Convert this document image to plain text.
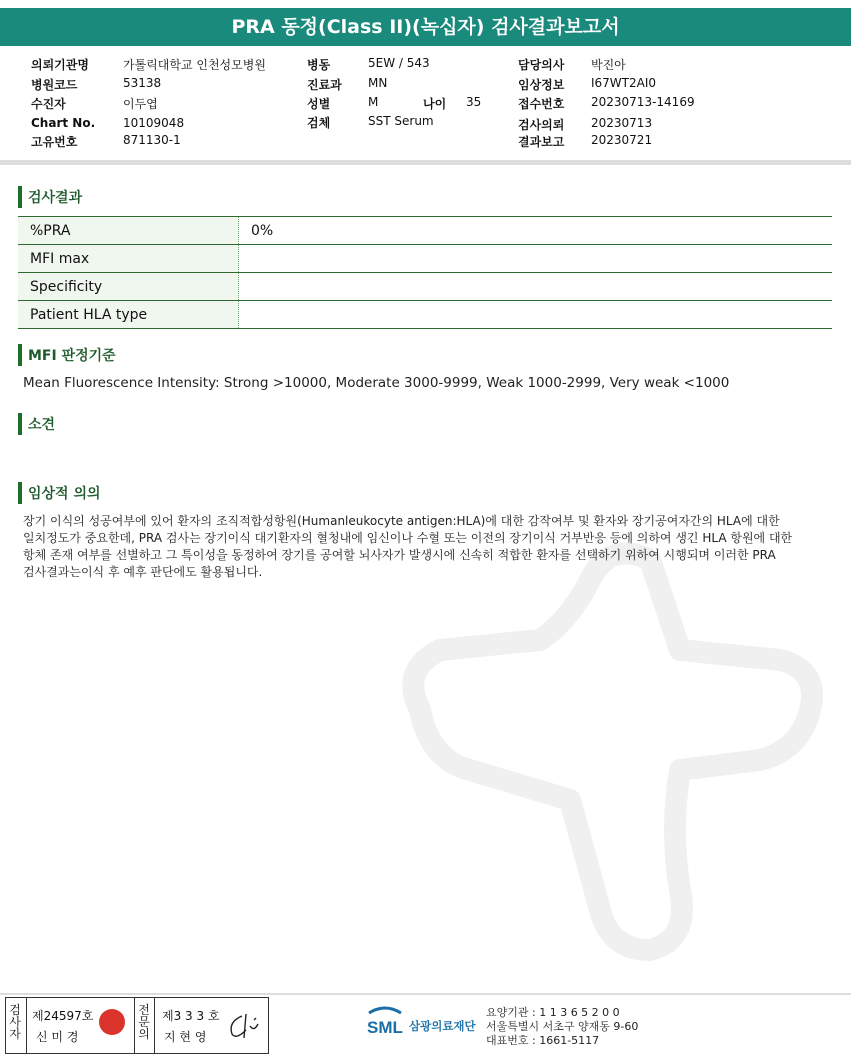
PRA 동정(Class II)(녹십자) 검사결과보고서
의뢰기관명	가톨릭대학교 인천성모병원
병원코드	53138
수진자	이두엽
Chart No. 10109048
고유번호	871130-1
병동	5EW / 543
진료과 MN
성별	M	나이 35
검체	SST Serum
담당의사 박진아
임상정보 I67WT2AI0
접수번호 20230713-14169
검사의뢰 20230713
결과보고 20230721
검사결과
%PRA	0%
MFI max	
Specificity	
Patient HLA type	
MFI 판정기준
Mean Fluorescence Intensity: Strong >10000, Moderate 3000-9999, Weak 1000-2999, Very weak <1000
소견
임상적 의의
장기 이식의 성공여부에 있어 환자의 조직적합성항원(Humanleukocyte antigen:HLA)에 대한 감작여부 및 환자와 장기공여자간의 HLA에 대한
일치정도가 중요한데, PRA 검사는 장기이식 대기환자의 혈청내에 임신이나 수혈 또는 이전의 장기이식 거부반응 등에 의하여 생긴 HLA 항원에 대한
항체 존재 여부를 선별하고 그 특이성을 동정하여 장기를 공여할 뇌사자가 발생시에 신속히 적합한 환자를 선택하기 위하여 시행되며 이러한 PRA
검사결과는이식 후 예후 판단에도 활용됩니다.
검
사
자
제24597호
신 미 경
전
문
의
제3 3 3 호
지 현 영	SML 삼광의료재단
요양기관 : 1 1 3 6 5 2 0 0
서울특별시 서초구 양재동 9-60
대표번호 : 1661-5117
